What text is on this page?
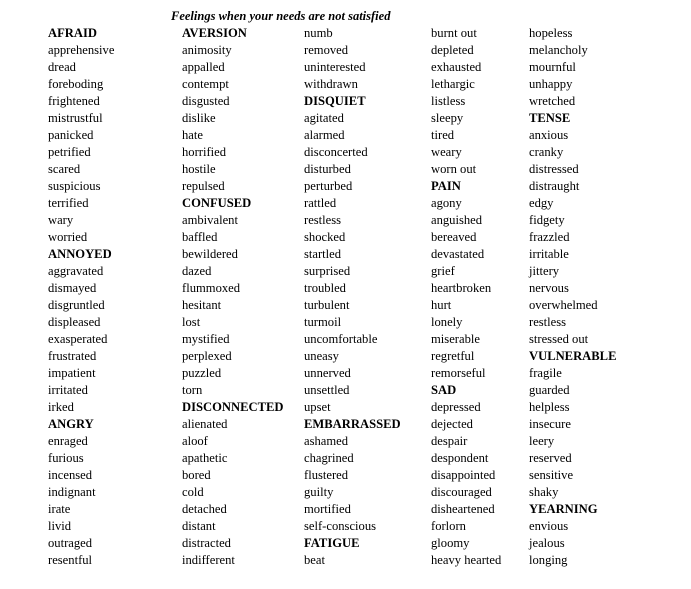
Feelings when your needs are not satisfied
AFRAID
apprehensive
dread
foreboding
frightened
mistrustful
panicked
petrified
scared
suspicious
terrified
wary
worried
ANNOYED
aggravated
dismayed
disgruntled
displeased
exasperated
frustrated
impatient
irritated
irked
ANGRY
enraged
furious
incensed
indignant
irate
livid
outraged
resentful
AVERSION
animosity
appalled
contempt
disgusted
dislike
hate
horrified
hostile
repulsed
CONFUSED
ambivalent
baffled
bewildered
dazed
flummoxed
hesitant
lost
mystified
perplexed
puzzled
torn
DISCONNECTED
alienated
aloof
apathetic
bored
cold
detached
distant
distracted
indifferent
numb
removed
uninterested
withdrawn
DISQUIET
agitated
alarmed
disconcerted
disturbed
perturbed
rattled
restless
shocked
startled
surprised
troubled
turbulent
turmoil
uncomfortable
uneasy
unnerved
unsettled
upset
EMBARRASSED
ashamed
chagrined
flustered
guilty
mortified
self-conscious
FATIGUE
beat
burnt out
depleted
exhausted
lethargic
listless
sleepy
tired
weary
worn out
PAIN
agony
anguished
bereaved
devastated
grief
heartbroken
hurt
lonely
miserable
regretful
remorseful
SAD
depressed
dejected
despair
despondent
disappointed
discouraged
disheartened
forlorn
gloomy
heavy hearted
hopeless
melancholy
mournful
unhappy
wretched
TENSE
anxious
cranky
distressed
distraught
edgy
fidgety
frazzled
irritable
jittery
nervous
overwhelmed
restless
stressed out
VULNERABLE
fragile
guarded
helpless
insecure
leery
reserved
sensitive
shaky
YEARNING
envious
jealous
longing
